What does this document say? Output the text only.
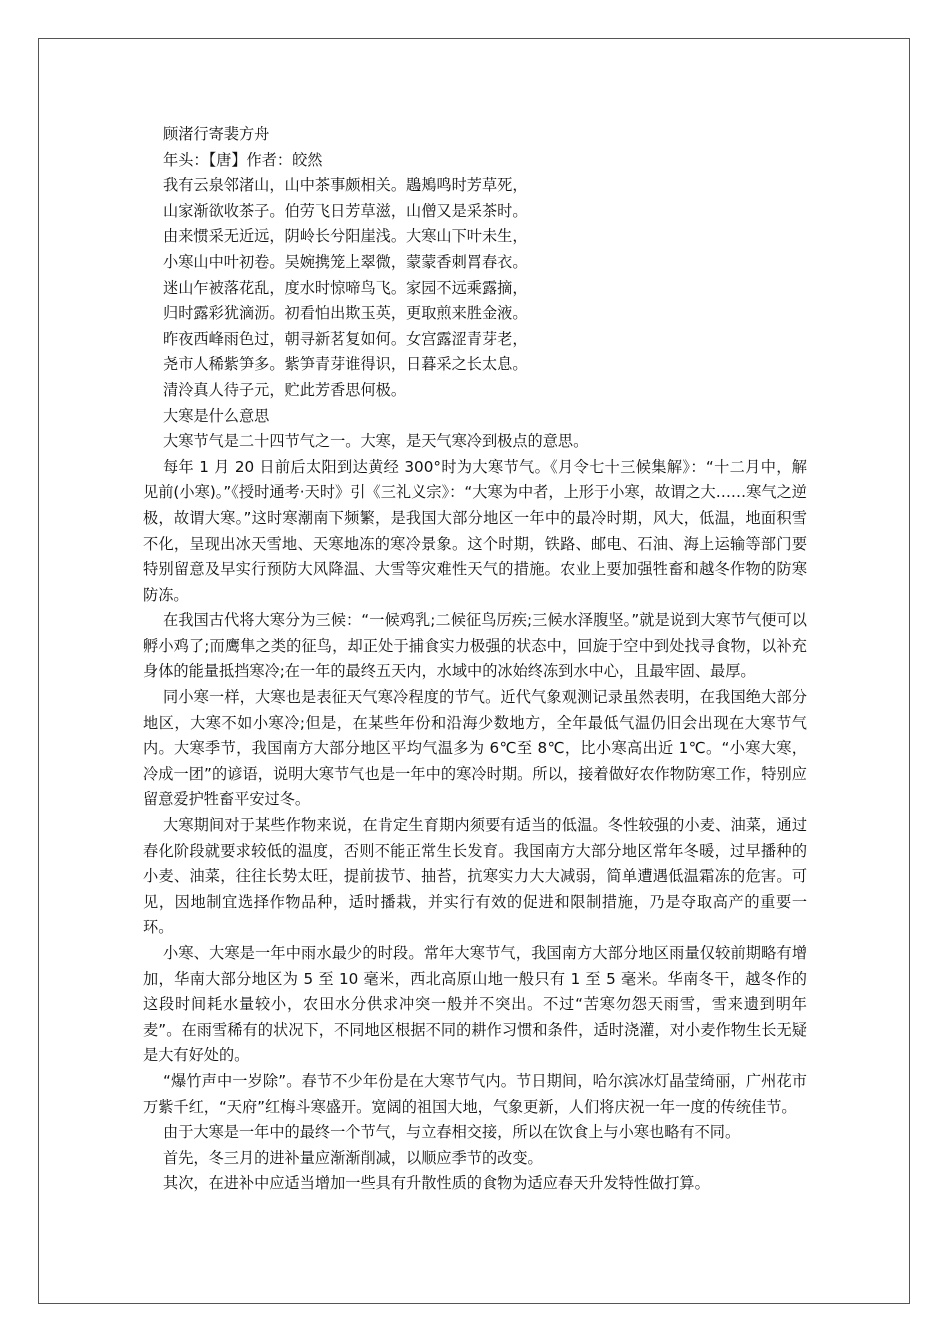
顾渚行寄裴方舟

年头：【唐】作者：皎然

我有云泉邻渚山，山中茶事颇相关。鶗鴂鸣时芳草死，

山家渐欲收茶子。伯劳飞日芳草滋，山僧又是采茶时。

由来惯采无近远，阴岭长兮阳崖浅。大寒山下叶未生，

小寒山中叶初卷。吴婉携笼上翠微，蒙蒙香刺罥春衣。

迷山乍被落花乱，度水时惊啼鸟飞。家园不远乘露摘，

归时露彩犹滴沥。初看怕出欺玉英，更取煎来胜金液。

昨夜西峰雨色过，朝寻新茗复如何。女宫露涩青芽老，

尧市人稀紫笋多。紫笋青芽谁得识，日暮采之长太息。

清泠真人待子元，贮此芳香思何极。

大寒是什么意思

大寒节气是二十四节气之一。大寒，是天气寒冷到极点的意思。

每年 1 月 20 日前后太阳到达黄经 300°时为大寒节气。《月令七十三候集解》：“十二月中，解见前(小寒)。”《授时通考·天时》引《三礼义宗》：“大寒为中者，上形于小寒，故谓之大……寒气之逆极，故谓大寒。”这时寒潮南下频繁，是我国大部分地区一年中的最冷时期，风大，低温，地面积雪不化，呈现出冰天雪地、天寒地冻的寒冷景象。这个时期，铁路、邮电、石油、海上运输等部门要特别留意及早实行预防大风降温、大雪等灾难性天气的措施。农业上要加强牲畜和越冬作物的防寒防冻。

在我国古代将大寒分为三候：“一候鸡乳;二候征鸟厉疾;三候水泽腹坚。”就是说到大寒节气便可以孵小鸡了;而鹰隼之类的征鸟，却正处于捕食实力极强的状态中，回旋于空中到处找寻食物，以补充身体的能量抵挡寒冷;在一年的最终五天内，水域中的冰始终冻到水中心，且最牢固、最厚。

同小寒一样，大寒也是表征天气寒冷程度的节气。近代气象观测记录虽然表明，在我国绝大部分地区，大寒不如小寒冷;但是，在某些年份和沿海少数地方，全年最低气温仍旧会出现在大寒节气内。大寒季节，我国南方大部分地区平均气温多为 6℃至 8℃，比小寒高出近 1℃。“小寒大寒，冷成一团”的谚语，说明大寒节气也是一年中的寒冷时期。所以，接着做好农作物防寒工作，特别应留意爱护牲畜平安过冬。

大寒期间对于某些作物来说，在肯定生育期内须要有适当的低温。冬性较强的小麦、油菜，通过春化阶段就要求较低的温度，否则不能正常生长发育。我国南方大部分地区常年冬暖，过早播种的小麦、油菜，往往长势太旺，提前拔节、抽苔，抗寒实力大大减弱，简单遭遇低温霜冻的危害。可见，因地制宜选择作物品种，适时播栽，并实行有效的促进和限制措施，乃是夺取高产的重要一环。

小寒、大寒是一年中雨水最少的时段。常年大寒节气，我国南方大部分地区雨量仅较前期略有增加，华南大部分地区为 5 至 10 毫米，西北高原山地一般只有 1 至 5 毫米。华南冬干，越冬作的这段时间耗水量较小，农田水分供求冲突一般并不突出。不过“苦寒勿怨天雨雪，雪来遗到明年麦”。在雨雪稀有的状况下，不同地区根据不同的耕作习惯和条件，适时浇灌，对小麦作物生长无疑是大有好处的。

“爆竹声中一岁除”。春节不少年份是在大寒节气内。节日期间，哈尔滨冰灯晶莹绮丽，广州花市万紫千红，“天府”红梅斗寒盛开。宽阔的祖国大地，气象更新，人们将庆祝一年一度的传统佳节。

由于大寒是一年中的最终一个节气，与立春相交接，所以在饮食上与小寒也略有不同。

首先，冬三月的进补量应渐渐削减，以顺应季节的改变。

其次，在进补中应适当增加一些具有升散性质的食物为适应春天升发特性做打算。
